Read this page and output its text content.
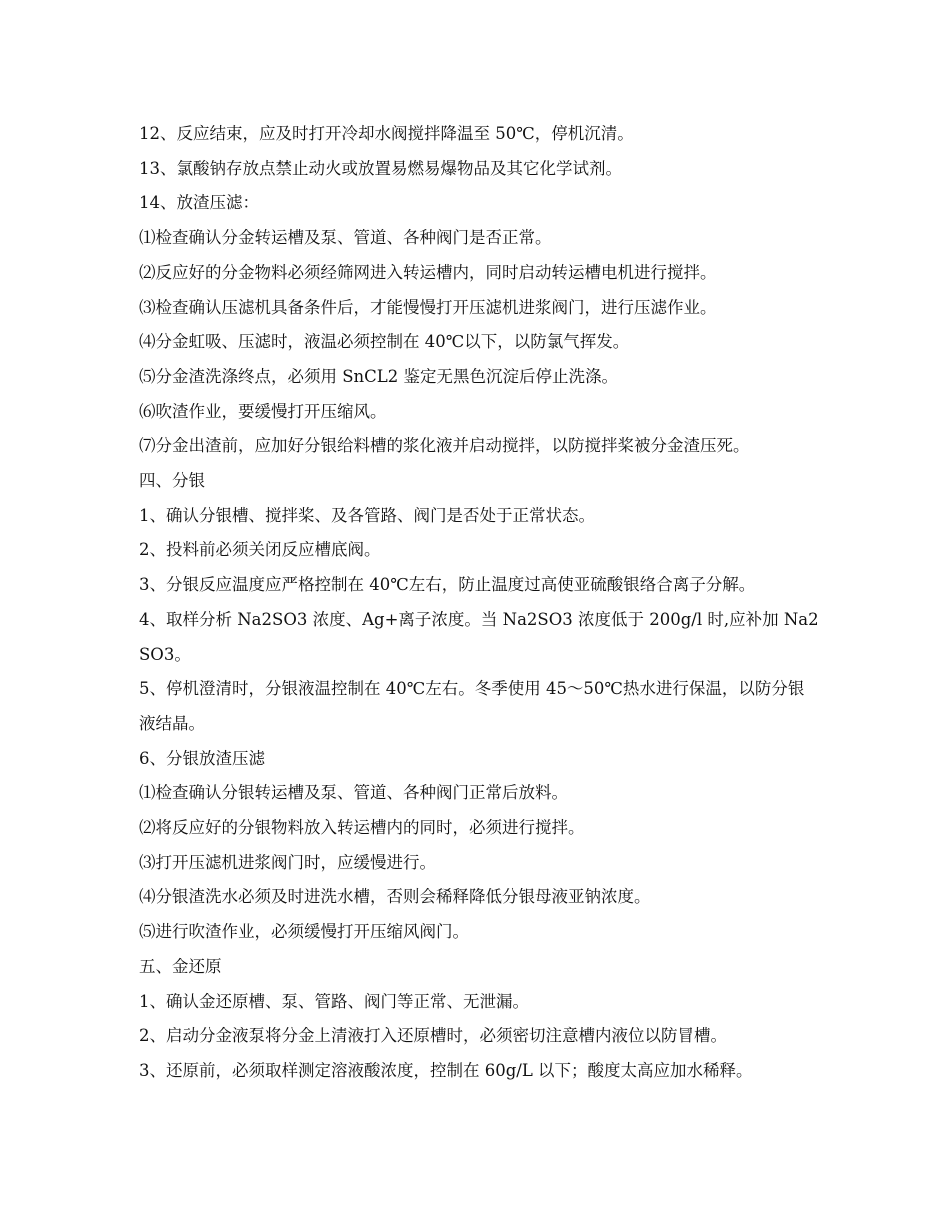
12、反应结束，应及时打开冷却水阀搅拌降温至 50℃，停机沉清。

13、氯酸钠存放点禁止动火或放置易燃易爆物品及其它化学试剂。

14、放渣压滤：

⑴检查确认分金转运槽及泵、管道、各种阀门是否正常。

⑵反应好的分金物料必须经筛网进入转运槽内，同时启动转运槽电机进行搅拌。

⑶检查确认压滤机具备条件后，才能慢慢打开压滤机进浆阀门，进行压滤作业。

⑷分金虹吸、压滤时，液温必须控制在 40℃以下，以防氯气挥发。

⑸分金渣洗涤终点，必须用 SnCL2 鉴定无黑色沉淀后停止洗涤。

⑹吹渣作业，要缓慢打开压缩风。

⑺分金出渣前，应加好分银给料槽的浆化液并启动搅拌，以防搅拌桨被分金渣压死。

四、分银

1、确认分银槽、搅拌桨、及各管路、阀门是否处于正常状态。

2、投料前必须关闭反应槽底阀。

3、分银反应温度应严格控制在 40℃左右，防止温度过高使亚硫酸银络合离子分解。

4、取样分析 Na2SO3 浓度、Ag+离子浓度。当 Na2SO3 浓度低于 200g/l 时,应补加 Na2SO3。

5、停机澄清时，分银液温控制在 40℃左右。冬季使用 45～50℃热水进行保温，以防分银液结晶。

6、分银放渣压滤

⑴检查确认分银转运槽及泵、管道、各种阀门正常后放料。

⑵将反应好的分银物料放入转运槽内的同时，必须进行搅拌。

⑶打开压滤机进浆阀门时，应缓慢进行。

⑷分银渣洗水必须及时进洗水槽，否则会稀释降低分银母液亚钠浓度。

⑸进行吹渣作业，必须缓慢打开压缩风阀门。

五、金还原

1、确认金还原槽、泵、管路、阀门等正常、无泄漏。

2、启动分金液泵将分金上清液打入还原槽时，必须密切注意槽内液位以防冒槽。

3、还原前，必须取样测定溶液酸浓度，控制在 60g/L 以下；酸度太高应加水稀释。
